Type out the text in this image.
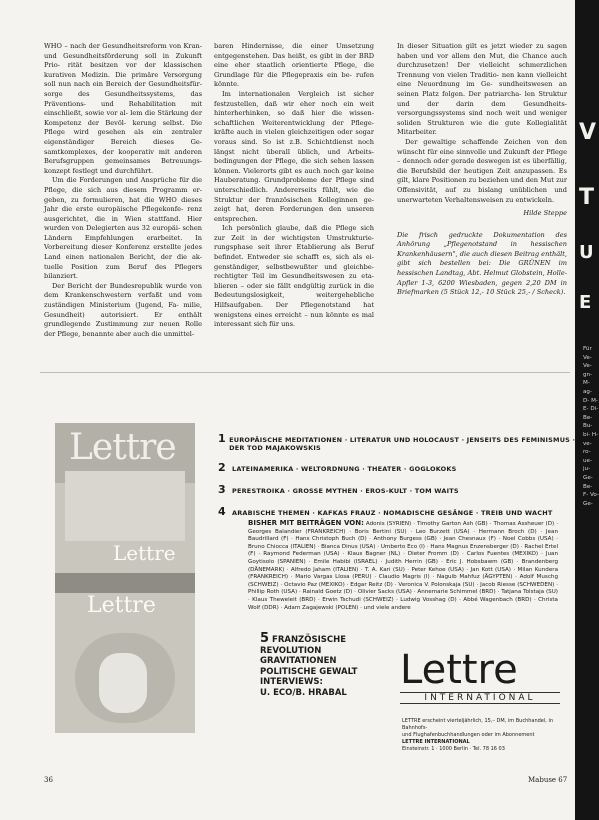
WHO – nach der Gesundheitsreform von Kran- und Gesundheitsförderung soll in Zukunft Prio- rität besitzen vor der klassischen kurativen Medizin. Die primäre Versorgung soll nun nach ein Bereich der Gesundheitsfür- sorge des Gesundheitssystems, das Präventions- und Rehabilitation mit einschließt, sowie vor al- lem die Stärkung der Kompetenz der Bevöl- kerung selbst. Die Pflege wird gesehen als ein zentraler eigenständiger Bereich dieses Ge- samtkomplexes, der kooperativ mit anderen Berufsgruppen gemeinsames Betreuungs- konzept festlegt und durchführt.

Um die Forderungen und Ansprüche für die Pflege, die sich aus diesem Programm er- geben, zu formulieren, hat die WHO dieses Jahr die erste europäische Pflegekonfe- renz ausgerichtet, die in Wien stattfand. Hier wurden von Delegierten aus 32 europäi- schen Ländern Empfehlungen erarbeitet. In Vorbereitung dieser Konferenz erstellte jedes Land einen nationalen Bericht, der die ak- tuelle Position zum Beruf des Pflegers bilanziert.

Der Bericht der Bundesrepublik wurde von dem Krankenschwestern verfaßt und vom zuständigen Ministerium (Jugend, Fa- milie, Gesundheit) autorisiert. Er enthält grundlegende Zustimmung zur neuen Rolle der Pflege, benannte aber auch die unmittel-

baren Hindernisse, die einer Umsetzung entgegenstehen. Das heißt, es gibt in der BRD eine eher staatlich orientierte Pflege, die Grundlage für die Pflegepraxis ein be- rufen könnte.

Im internationalen Vergleich ist sicher festzustellen, daß wir eher noch ein weit hinterherhinken, so daß hier die wissen- schaftlichen Weiterentwicklung der Pflege- kräfte auch in vielen gleichzeitigen oder sogar voraus sind. So ist z.B. Schichtdienst noch längst nicht überall üblich, und Arbeits- bedingungen der Pflege, die sich sehen lassen können. Vielerorts gibt es auch noch gar keine Hauberatung. Grundprobleme der Pflege sind unterschiedlich. Andererseits fühlt, wie die Struktur der französischen Kolleginnen ge- zeigt hat, deren Forderungen den unseren entsprechen.

Ich persönlich glaube, daß die Pflege sich zur Zeit in der wichtigsten Umstrukturie- rungsphase seit ihrer Etablierung als Beruf befindet. Entweder sie schafft es, sich als ei- genständiger, selbstbewußter und gleichbe- rechtigter Teil im Gesundheitswesen zu eta- blieren – oder sie fällt endgültig zurück in die Bedeutungslosigkeit, weitergehebliche Hilfsaufgaben. Der Pflegenotstand hat wenigstens eines erreicht – nun könnte es mal interessant sich für uns.

In dieser Situation gilt es jetzt wieder zu sagen haben und vor allem den Mut, die Chance auch durchzusetzen! Der vielleicht schmerzlichen Trennung von vielen Traditio- nen kann vielleicht eine Neuordnung im Ge- sundheitswesen an seinen Platz folgen. Der patriarcha- len Struktur und der darin dem Gesundheits- versorgungssystems sind noch weit und weniger soliden Strukturen wie die gute Kollegialität Mitarbeiter.

Der gewaltige schaffende Zeichen von den wünscht für eine sinnvolle und Zukunft der Pflege – dennoch oder gerade deswegen ist es überfällig, die Berufsbild der heutigen Zeit anzupassen. Es gilt, klare Positionen zu beziehen und den Mut zur Offensivität, auf zu bislang unüblichen und unerwarteten Verhaltensweisen zu entwickeln.

Hilde Steppe
Die frisch gedruckte Dokumentation des Anhörung „Pflegenotstand in hessischen Krankenhäusern", die auch diesen Beitrag enthält, gibt sich bestellen bei: Die GRÜNEN im hessischen Landtag, Abt. Helmut Globstein, Holle-Apfler 1-3, 6200 Wiesbaden, gegen 2,20 DM in Briefmarken (5 Stück 12,- 10 Stück 25,- / Scheck).
Lettre
Lettre
Lettre
1 EUROPÄISCHE MEDITATIONEN · LITERATUR UND HOLOCAUST · JENSEITS DES FEMINISMUS · DER TOD MAJAKOWSKIS
2 LATEINAMERIKA · WELTORDNUNG · THEATER · GOGLOKOKS
3 PERESTROIKA · GROSSE MYTHEN · EROS-KULT · TOM WAITS
4 ARABISCHE THEMEN · KAFKAS FRAUZ · NOMADISCHE GESÄNGE · TREIB UND WACHT
BISHER MIT BEITRÄGEN VON: Adonis (SYRIEN) · Timothy Garton Ash (GB) · Thomas Assheuer (D) · Georges Balandier (FRANKREICH) · Boris Bertini (SU) · Leo Burzett (USA) · Hermann Broch (D) · Jean Baudrillard (F) · Hans Christoph Buch (D) · Anthony Burgess (GB) · Jean Chesnaux (F) · Noel Cobbs (USA) · Bruno Chiocca (ITALIEN) · Bianca Dinus (USA) · Umberto Eco (I) · Hans Magnus Enzensberger (D) · Rachel Ertel (F) · Raymond Federman (USA) · Klaus Bagner (NL) · Dieter Fromm (D) · Carlos Fuentes (MEXIKO) · Juan Goytisolo (SPANIEN) · Emile Habibi (ISRAEL) · Judith Herrin (GB) · Eric J. Hobsbawm (GB) · Brandenberg (DÄNEMARK) · Alfredo Jaham (ITALIEN) · T. A. Kari (SU) · Peter Kehoe (USA) · Jan Kott (USA) · Milan Kundera (FRANKREICH) · Mario Vargas Llosa (PERU) · Claudio Magris (I) · Naguib Mahfuz (ÄGYPTEN) · Adolf Muschg (SCHWEIZ) · Octavio Paz (MEXIKO) · Edgar Reitz (D) · Veronica V. Polonskaja (SU) · Jacob Riesse (SCHWEDEN) · Phillip Roth (USA) · Rainald Goetz (D) · Olivier Sacks (USA) · Annemarie Schimmel (BRD) · Tatjana Tolstaja (SU) · Klaus Theweleit (BRD) · Erwin Tschudi (SCHWEIZ) · Ludwig Vosshag (D) · Abbé Wagenbach (BRD) · Christa Wolf (DDR) · Adam Zagajewski (POLEN) · und viele andere
5 FRANZÖSISCHE
REVOLUTION
GRAVITATIONEN
POLITISCHE GEWALT
INTERVIEWS:
U. ECO/B. HRABAL Lettre
INTERNATIONAL
LETTRE erscheint vierteljährlich, 15,– DM, im Buchhandel, in Bahnhofs-
und Flughafenbuchhandlungen oder im Abonnement
LETTRE INTERNATIONAL
Einsteinstr. 1 · 1000 Berlin · Tel. 78 16 03
36	Mabuse 67
V
T
U
E
Für Ve- Ve- gn- M- ag- D- M- E- Di- Be- Bu- bi- H- ve- ro- ue- ju- Ge- Be- F- Vo- Ge-
